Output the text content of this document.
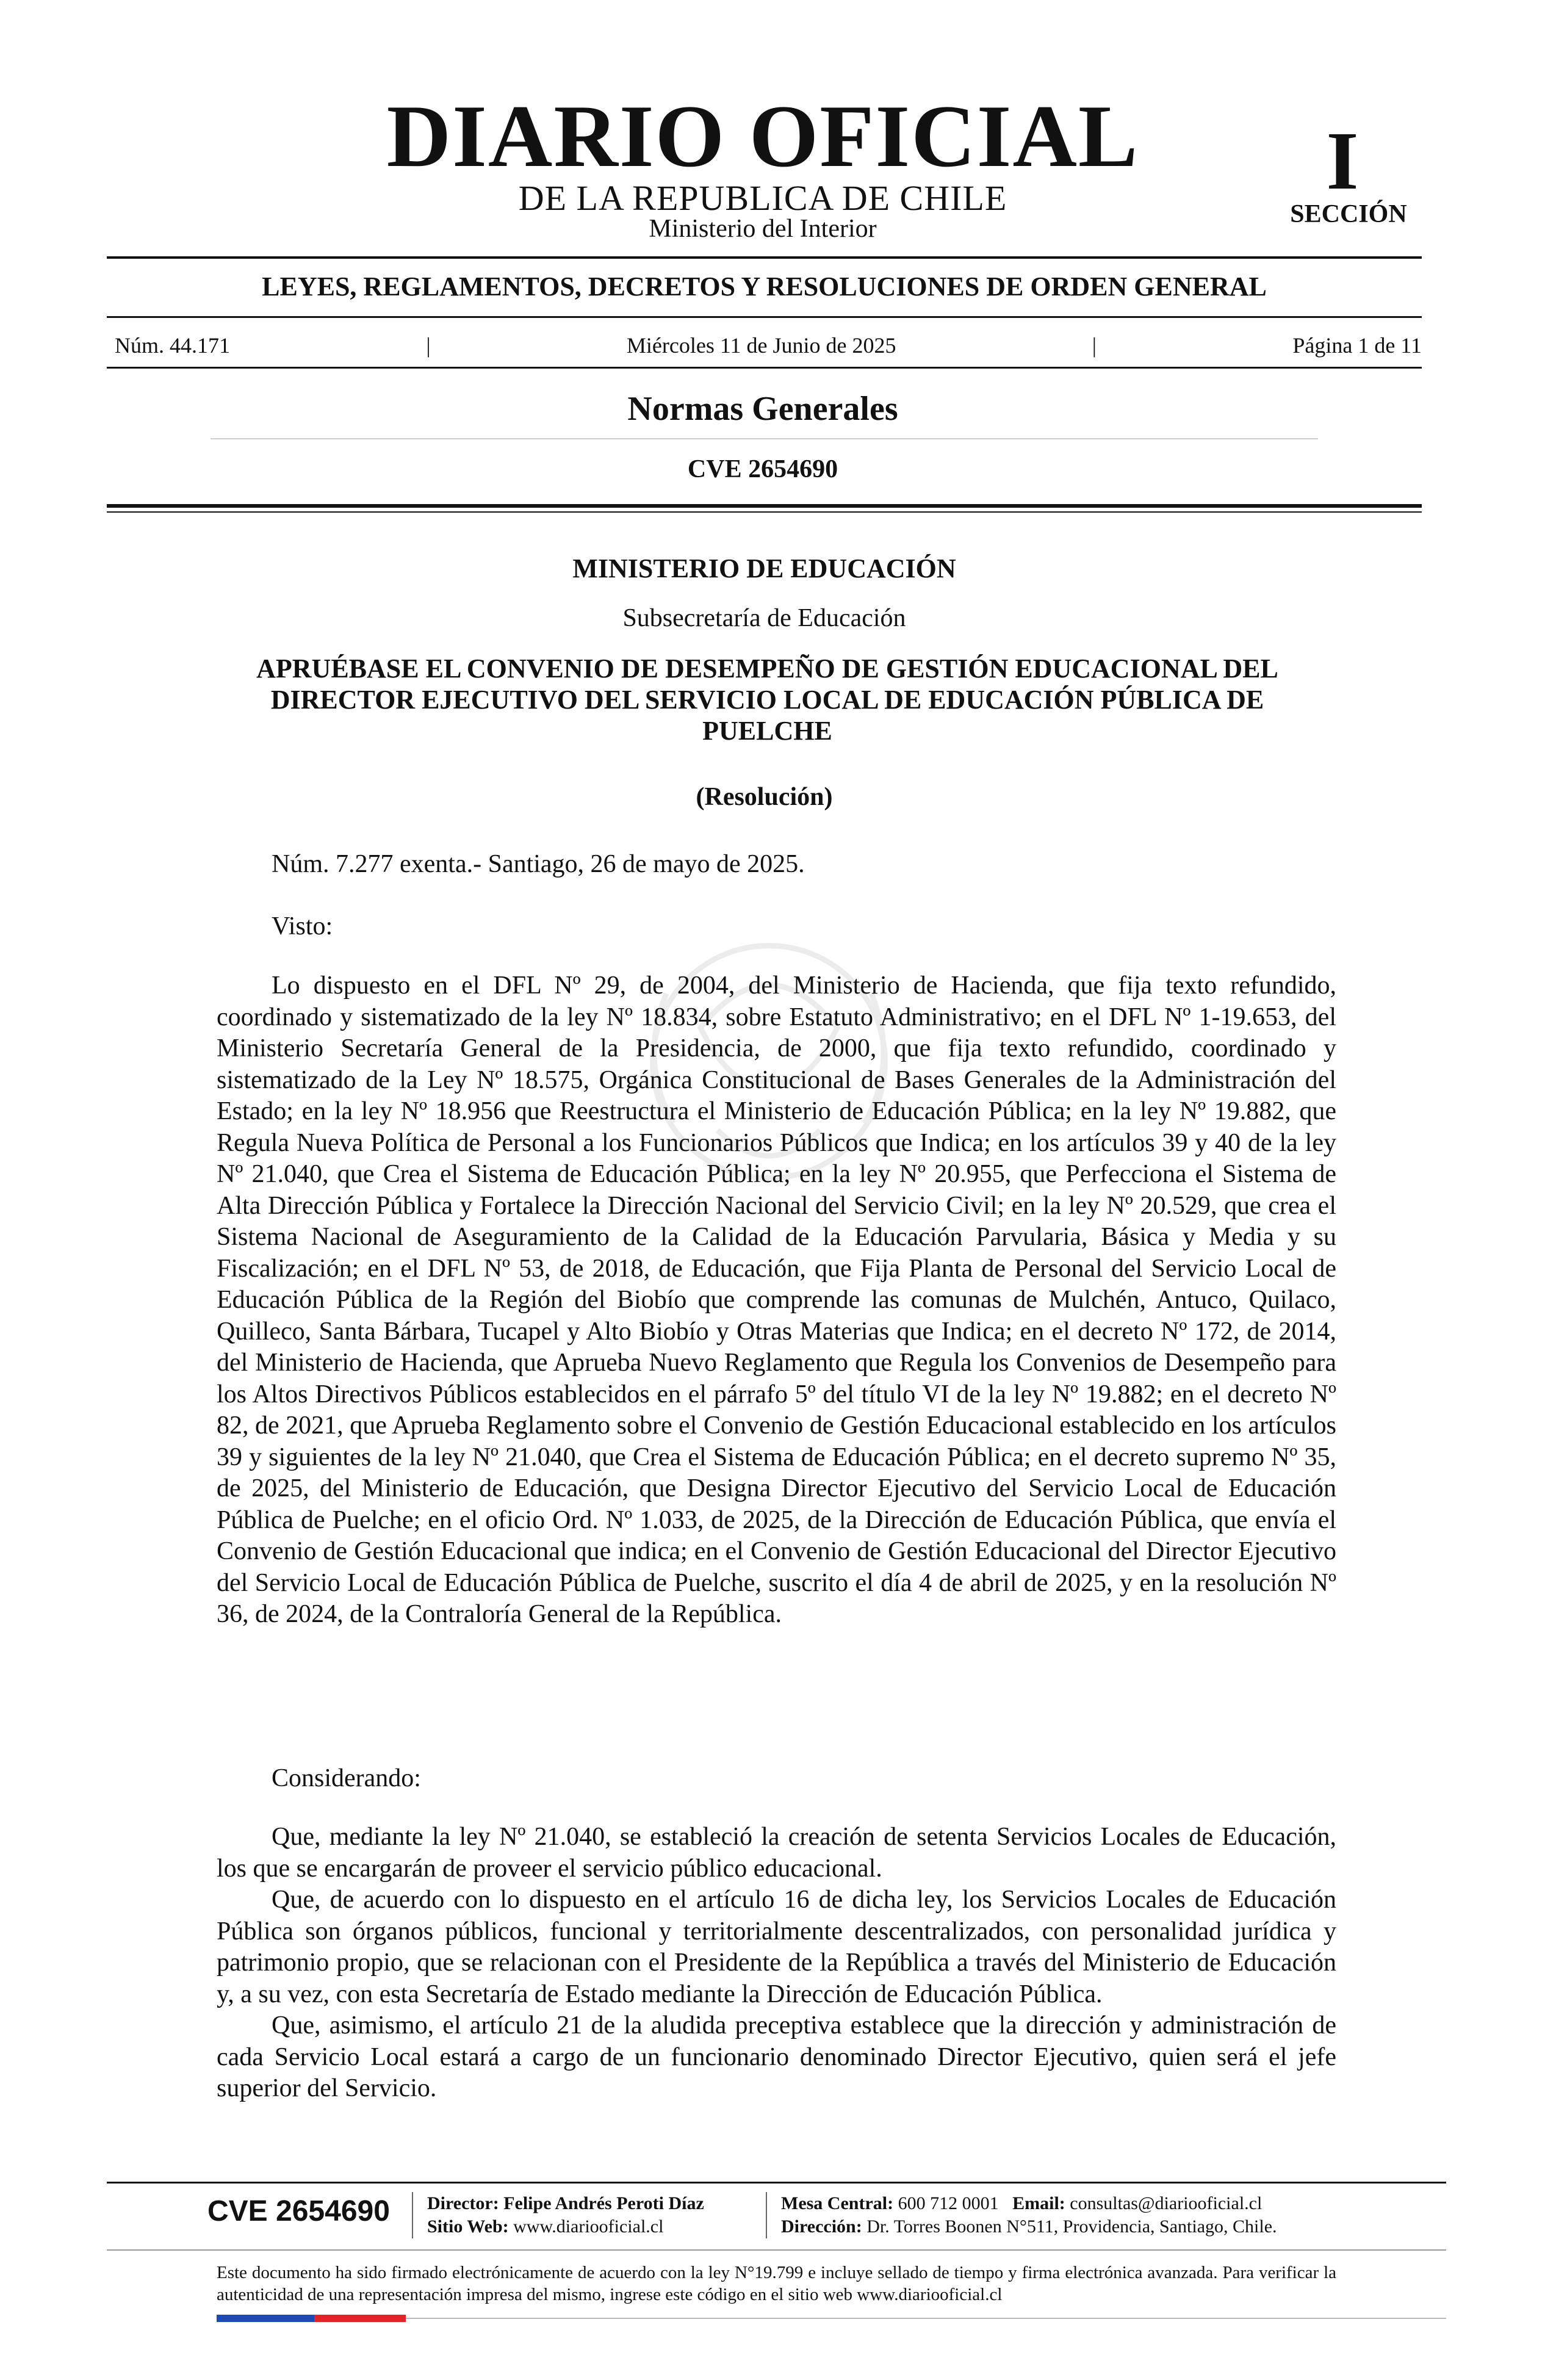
DIARIO OFICIAL
DE LA REPUBLICA DE CHILE
Ministerio del Interior
I
SECCIÓN
LEYES, REGLAMENTOS, DECRETOS Y RESOLUCIONES DE ORDEN GENERAL
Núm. 44.171	|	Miércoles 11 de Junio de 2025	|	Página 1 de 11
Normas Generales
CVE 2654690
MINISTERIO DE EDUCACIÓN
Subsecretaría de Educación
APRUÉBASE EL CONVENIO DE DESEMPEÑO DE GESTIÓN EDUCACIONAL DEL DIRECTOR EJECUTIVO DEL SERVICIO LOCAL DE EDUCACIÓN PÚBLICA DE PUELCHE
(Resolución)
Núm. 7.277 exenta.- Santiago, 26 de mayo de 2025.
Visto:

Lo dispuesto en el DFL Nº 29, de 2004, del Ministerio de Hacienda, que fija texto refundido, coordinado y sistematizado de la ley Nº 18.834, sobre Estatuto Administrativo; en el DFL Nº 1-19.653, del Ministerio Secretaría General de la Presidencia, de 2000, que fija texto refundido, coordinado y sistematizado de la Ley Nº 18.575, Orgánica Constitucional de Bases Generales de la Administración del Estado; en la ley Nº 18.956 que Reestructura el Ministerio de Educación Pública; en la ley Nº 19.882, que Regula Nueva Política de Personal a los Funcionarios Públicos que Indica; en los artículos 39 y 40 de la ley Nº 21.040, que Crea el Sistema de Educación Pública; en la ley Nº 20.955, que Perfecciona el Sistema de Alta Dirección Pública y Fortalece la Dirección Nacional del Servicio Civil; en la ley Nº 20.529, que crea el Sistema Nacional de Aseguramiento de la Calidad de la Educación Parvularia, Básica y Media y su Fiscalización; en el DFL Nº 53, de 2018, de Educación, que Fija Planta de Personal del Servicio Local de Educación Pública de la Región del Biobío que comprende las comunas de Mulchén, Antuco, Quilaco, Quilleco, Santa Bárbara, Tucapel y Alto Biobío y Otras Materias que Indica; en el decreto Nº 172, de 2014, del Ministerio de Hacienda, que Aprueba Nuevo Reglamento que Regula los Convenios de Desempeño para los Altos Directivos Públicos establecidos en el párrafo 5º del título VI de la ley Nº 19.882; en el decreto Nº 82, de 2021, que Aprueba Reglamento sobre el Convenio de Gestión Educacional establecido en los artículos 39 y siguientes de la ley Nº 21.040, que Crea el Sistema de Educación Pública; en el decreto supremo Nº 35, de 2025, del Ministerio de Educación, que Designa Director Ejecutivo del Servicio Local de Educación Pública de Puelche; en el oficio Ord. Nº 1.033, de 2025, de la Dirección de Educación Pública, que envía el Convenio de Gestión Educacional que indica; en el Convenio de Gestión Educacional del Director Ejecutivo del Servicio Local de Educación Pública de Puelche, suscrito el día 4 de abril de 2025, y en la resolución Nº 36, de 2024, de la Contraloría General de la República.

Considerando:

Que, mediante la ley Nº 21.040, se estableció la creación de setenta Servicios Locales de Educación, los que se encargarán de proveer el servicio público educacional.

Que, de acuerdo con lo dispuesto en el artículo 16 de dicha ley, los Servicios Locales de Educación Pública son órganos públicos, funcional y territorialmente descentralizados, con personalidad jurídica y patrimonio propio, que se relacionan con el Presidente de la República a través del Ministerio de Educación y, a su vez, con esta Secretaría de Estado mediante la Dirección de Educación Pública.

Que, asimismo, el artículo 21 de la aludida preceptiva establece que la dirección y administración de cada Servicio Local estará a cargo de un funcionario denominado Director Ejecutivo, quien será el jefe superior del Servicio.

CVE 2654690 Director: Felipe Andrés Peroti Díaz
Sitio Web: www.diariooficial.cl
Mesa Central: 600 712 0001 Email: consultas@diariooficial.cl
Dirección: Dr. Torres Boonen N°511, Providencia, Santiago, Chile.
Este documento ha sido firmado electrónicamente de acuerdo con la ley N°19.799 e incluye sellado de tiempo y firma electrónica avanzada. Para verificar la autenticidad de una representación impresa del mismo, ingrese este código en el sitio web www.diariooficial.cl
